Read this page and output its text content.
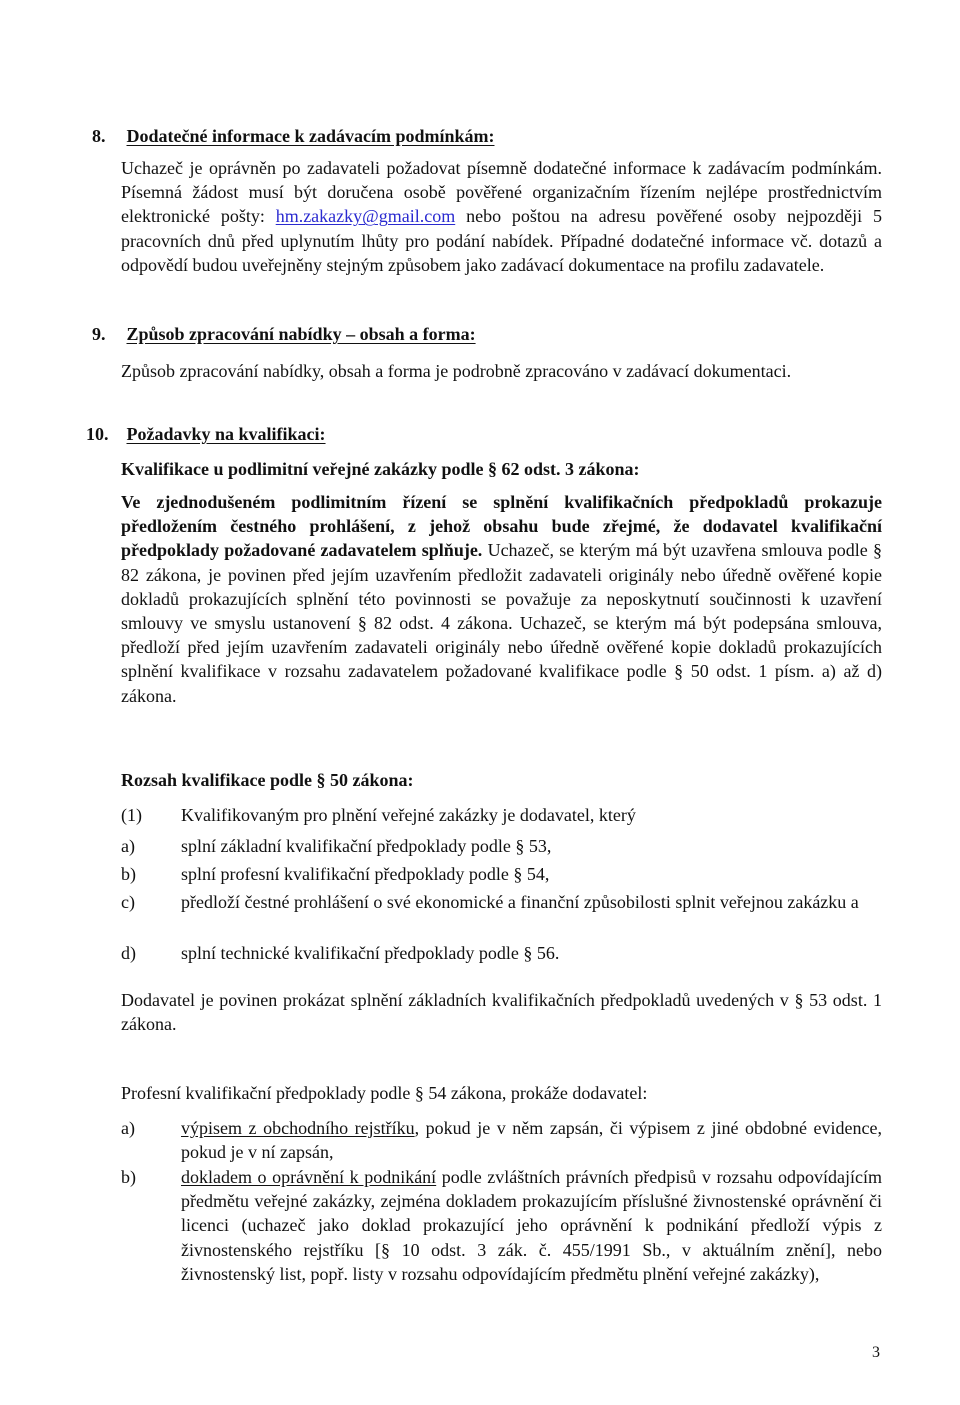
8. Dodatečné informace k zadávacím podmínkám:
Uchazeč je oprávněn po zadavateli požadovat písemně dodatečné informace k zadávacím podmínkám. Písemná žádost musí být doručena osobě pověřené organizačním řízením nejlépe prostřednictvím elektronické pošty: hm.zakazky@gmail.com nebo poštou na adresu pověřené osoby nejpozději 5 pracovních dnů před uplynutím lhůty pro podání nabídek. Případné dodatečné informace vč. dotazů a odpovědí budou uveřejněny stejným způsobem jako zadávací dokumentace na profilu zadavatele.
9. Způsob zpracování nabídky – obsah a forma:
Způsob zpracování nabídky, obsah a forma je podrobně zpracováno v zadávací dokumentaci.
10. Požadavky na kvalifikaci:
Kvalifikace u podlimitní veřejné zakázky podle § 62 odst. 3 zákona:
Ve zjednodušeném podlimitním řízení se splnění kvalifikačních předpokladů prokazuje předložením čestného prohlášení, z jehož obsahu bude zřejmé, že dodavatel kvalifikační předpoklady požadované zadavatelem splňuje. Uchazeč, se kterým má být uzavřena smlouva podle § 82 zákona, je povinen před jejím uzavřením předložit zadavateli originály nebo úředně ověřené kopie dokladů prokazujících splnění této povinnosti se považuje za neposkytnutí součinnosti k uzavření smlouvy ve smyslu ustanovení § 82 odst. 4 zákona. Uchazeč, se kterým má být podepsána smlouva, předloží před jejím uzavřením zadavateli originály nebo úředně ověřené kopie dokladů prokazujících splnění kvalifikace v rozsahu zadavatelem požadované kvalifikace podle § 50 odst. 1 písm. a) až d) zákona.
Rozsah kvalifikace podle § 50 zákona:
(1) Kvalifikovaným pro plnění veřejné zakázky je dodavatel, který
a)	splní základní kvalifikační předpoklady podle § 53,
b)	splní profesní kvalifikační předpoklady podle § 54,
c)	předloží čestné prohlášení o své ekonomické a finanční způsobilosti splnit veřejnou zakázku a
d)	splní technické kvalifikační předpoklady podle § 56.
Dodavatel je povinen prokázat splnění základních kvalifikačních předpokladů uvedených v § 53 odst. 1 zákona.
Profesní kvalifikační předpoklady podle § 54 zákona, prokáže dodavatel:
a)	výpisem z obchodního rejstříku, pokud je v něm zapsán, či výpisem z jiné obdobné evidence, pokud je v ní zapsán,
b)	dokladem o oprávnění k podnikání podle zvláštních právních předpisů v rozsahu odpovídajícím předmětu veřejné zakázky, zejména dokladem prokazujícím příslušné živnostenské oprávnění či licenci (uchazeč jako doklad prokazující jeho oprávnění k podnikání předloží výpis z živnostenského rejstříku [§ 10 odst. 3 zák. č. 455/1991 Sb., v aktuálním znění], nebo živnostenský list, popř. listy v rozsahu odpovídajícím předmětu plnění veřejné zakázky),
3
